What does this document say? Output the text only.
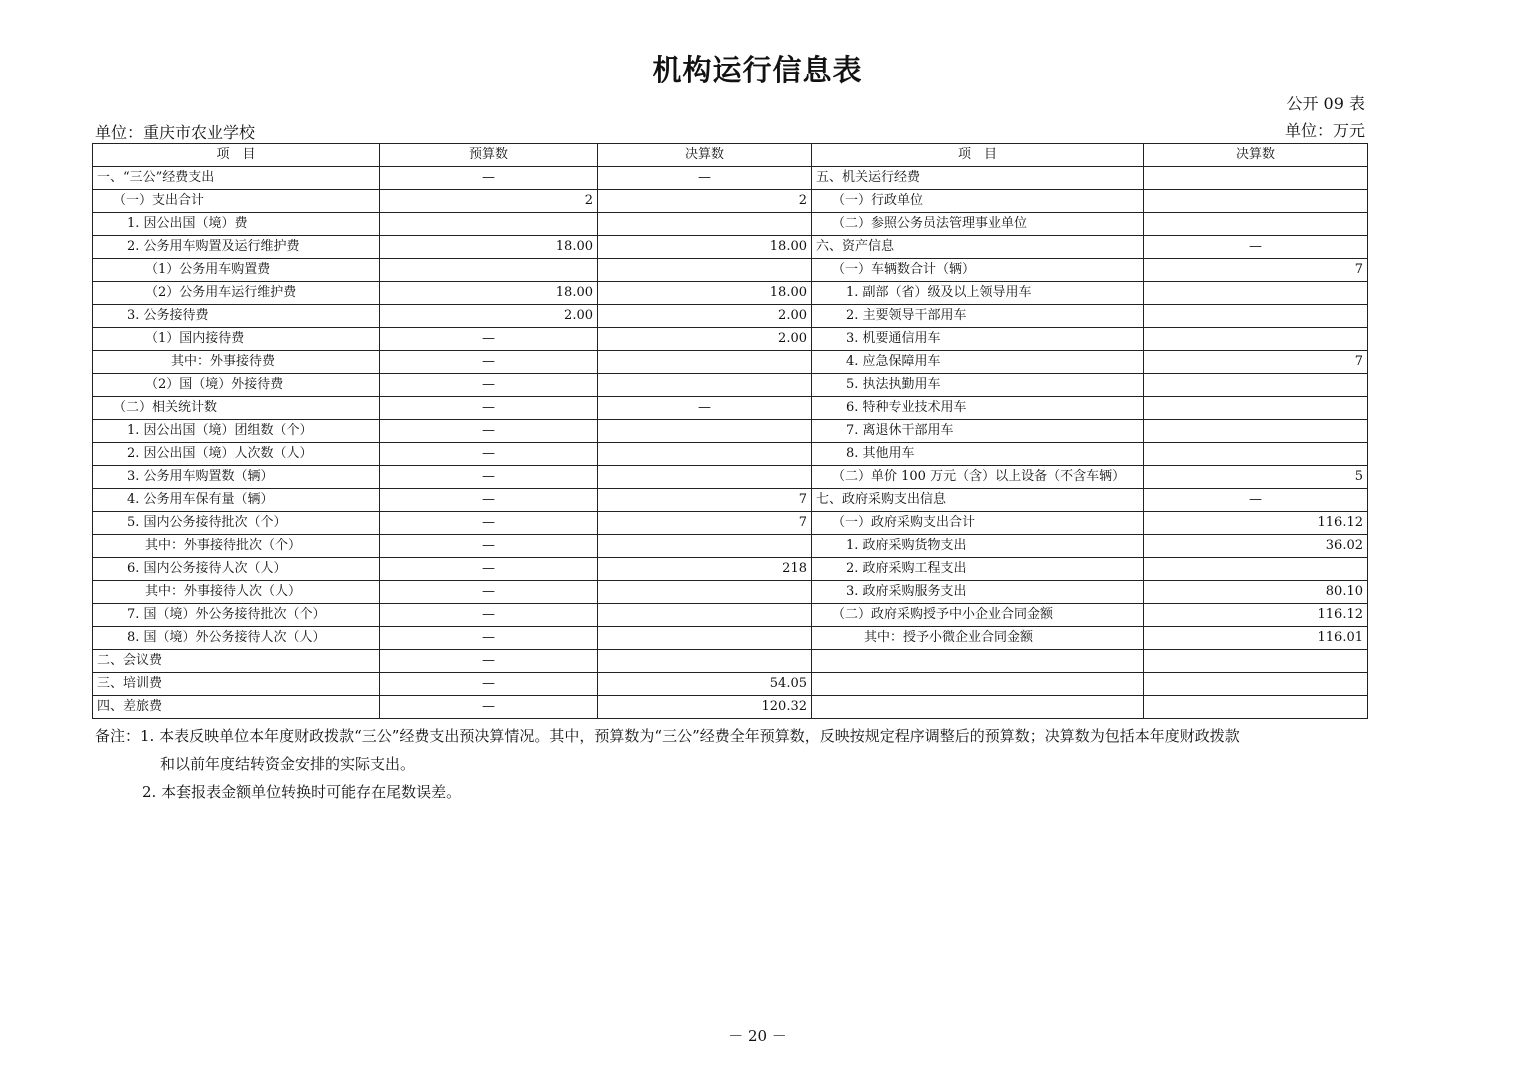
机构运行信息表
公开 09 表
单位：重庆市农业学校	单位：万元
项　目	预算数	决算数	项　目	决算数
一、“三公”经费支出	—	—	五、机关运行经费	
（一）支出合计	2	2	（一）行政单位	
1. 因公出国（境）费			（二）参照公务员法管理事业单位	
2. 公务用车购置及运行维护费	18.00	18.00	六、资产信息	—
（1）公务用车购置费			（一）车辆数合计（辆）	7
（2）公务用车运行维护费	18.00	18.00	1. 副部（省）级及以上领导用车	
3. 公务接待费	2.00	2.00	2. 主要领导干部用车	
（1）国内接待费	—	2.00	3. 机要通信用车	
其中：外事接待费	—		4. 应急保障用车	7
（2）国（境）外接待费	—		5. 执法执勤用车	
（二）相关统计数	—	—	6. 特种专业技术用车	
1. 因公出国（境）团组数（个）	—		7. 离退休干部用车	
2. 因公出国（境）人次数（人）	—		8. 其他用车	
3. 公务用车购置数（辆）	—		（二）单价 100 万元（含）以上设备（不含车辆）	5
4. 公务用车保有量（辆）	—	7	七、政府采购支出信息	—
5. 国内公务接待批次（个）	—	7	（一）政府采购支出合计	116.12
其中：外事接待批次（个）	—		1. 政府采购货物支出	36.02
6. 国内公务接待人次（人）	—	218	2. 政府采购工程支出	
其中：外事接待人次（人）	—		3. 政府采购服务支出	80.10
7. 国（境）外公务接待批次（个）	—		（二）政府采购授予中小企业合同金额	116.12
8. 国（境）外公务接待人次（人）	—		其中：授予小微企业合同金额	116.01
二、会议费	—			
三、培训费	—	54.05		
四、差旅费	—	120.32		
备注：1. 本表反映单位本年度财政拨款“三公”经费支出预决算情况。其中，预算数为“三公”经费全年预算数，反映按规定程序调整后的预算数；决算数为包括本年度财政拨款
和以前年度结转资金安排的实际支出。
2. 本套报表金额单位转换时可能存在尾数误差。
－ 20 －
